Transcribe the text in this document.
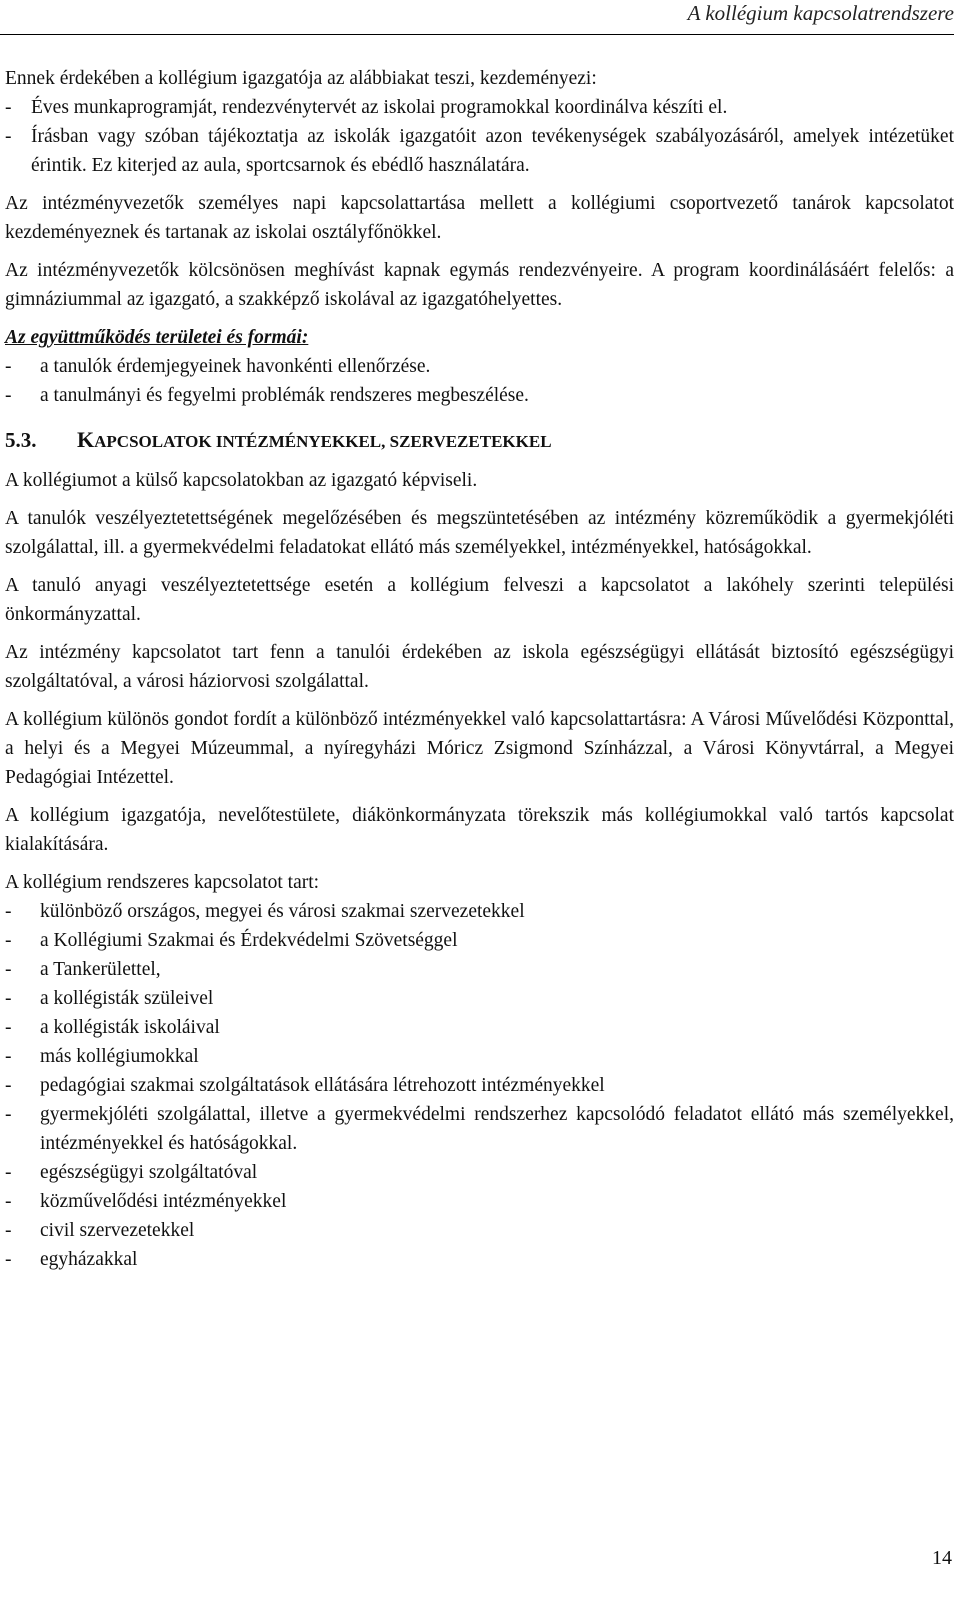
A kollégium kapcsolatrendszere

Ennek érdekében a kollégium igazgatója az alábbiakat teszi, kezdeményezi:

- Éves munkaprogramját, rendezvénytervét az iskolai programokkal koordinálva készíti el.
- Írásban vagy szóban tájékoztatja az iskolák igazgatóit azon tevékenységek szabályozásáról, amelyek intézetüket érintik. Ez kiterjed az aula, sportcsarnok és ebédlő használatára.

Az intézményvezetők személyes napi kapcsolattartása mellett a kollégiumi csoportvezető tanárok kapcsolatot kezdeményeznek és tartanak az iskolai osztályfőnökkel.

Az intézményvezetők kölcsönösen meghívást kapnak egymás rendezvényeire. A program koordinálásáért felelős: a gimnáziummal az igazgató, a szakképző iskolával az igazgatóhelyettes.

Az együttműködés területei és formái:

- a tanulók érdemjegyeinek havonkénti ellenőrzése.
- a tanulmányi és fegyelmi problémák rendszeres megbeszélése.
5.3.	KAPCSOLATOK INTÉZMÉNYEKKEL, SZERVEZETEKKEL

A kollégiumot a külső kapcsolatokban az igazgató képviseli.

A tanulók veszélyeztetettségének megelőzésében és megszüntetésében az intézmény közreműködik a gyermekjóléti szolgálattal, ill. a gyermekvédelmi feladatokat ellátó más személyekkel, intézményekkel, hatóságokkal.

A tanuló anyagi veszélyeztetettsége esetén a kollégium felveszi a kapcsolatot a lakóhely szerinti települési önkormányzattal.

Az intézmény kapcsolatot tart fenn a tanulói érdekében az iskola egészségügyi ellátását biztosító egészségügyi szolgáltatóval, a városi háziorvosi szolgálattal.

A kollégium különös gondot fordít a különböző intézményekkel való kapcsolattartásra: A Városi Művelődési Központtal, a helyi és a Megyei Múzeummal, a nyíregyházi Móricz Zsigmond Színházzal, a Városi Könyvtárral, a Megyei Pedagógiai Intézettel.

A kollégium igazgatója, nevelőtestülete, diákönkormányzata törekszik más kollégiumokkal való tartós kapcsolat kialakítására.

A kollégium rendszeres kapcsolatot tart:

- különböző országos, megyei és városi szakmai szervezetekkel
- a Kollégiumi Szakmai és Érdekvédelmi Szövetséggel
- a Tankerülettel,
- a kollégisták szüleivel
- a kollégisták iskoláival
- más kollégiumokkal
- pedagógiai szakmai szolgáltatások ellátására létrehozott intézményekkel
- gyermekjóléti szolgálattal, illetve a gyermekvédelmi rendszerhez kapcsolódó feladatot ellátó más személyekkel, intézményekkel és hatóságokkal.
- egészségügyi szolgáltatóval
- közművelődési intézményekkel
- civil szervezetekkel
- egyházakkal
14
